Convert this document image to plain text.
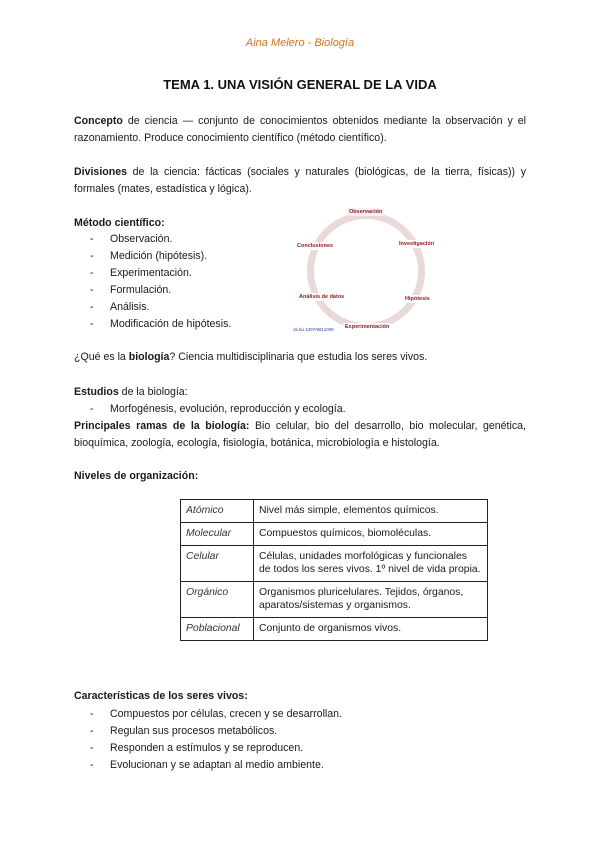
Aina Melero - Biología
TEMA 1. UNA VISIÓN GENERAL DE LA VIDA
Concepto de ciencia — conjunto de conocimientos obtenidos mediante la observación y el razonamiento. Produce conocimiento científico (método científico).
Divisiones de la ciencia: fácticas (sociales y naturales (biológicas, de la tierra, físicas)) y formales (mates, estadística y lógica).
Método científico:
- Observación.
- Medición (hipótesis).
- Experimentación.
- Formulación.
- Análisis.
- Modificación de hipótesis.
Observación
Investigación
Hipótesis
Experimentación
Análisis de datos
Conclusiones
ok.bu 1397/9811008
¿Qué es la biología? Ciencia multidisciplinaria que estudia los seres vivos.
Estudios de la biología:
- Morfogénesis, evolución, reproducción y ecología.
Principales ramas de la biología: Bio celular, bio del desarrollo, bio molecular, genética, bioquímica, zoología, ecología, fisiología, botánica, microbiología e histología.
Niveles de organización:
Atómico	Nivel más simple, elementos químicos.
Molecular	Compuestos químicos, biomoléculas.
Celular	Células, unidades morfológicas y funcionales de todos los seres vivos. 1º nivel de vida propia.
Orgánico	Organismos pluricelulares. Tejidos, órganos, aparatos/sistemas y organismos.
Poblacional	Conjunto de organismos vivos.
Características de los seres vivos:
- Compuestos por células, crecen y se desarrollan.
- Regulan sus procesos metabólicos.
- Responden a estímulos y se reproducen.
- Evolucionan y se adaptan al medio ambiente.
